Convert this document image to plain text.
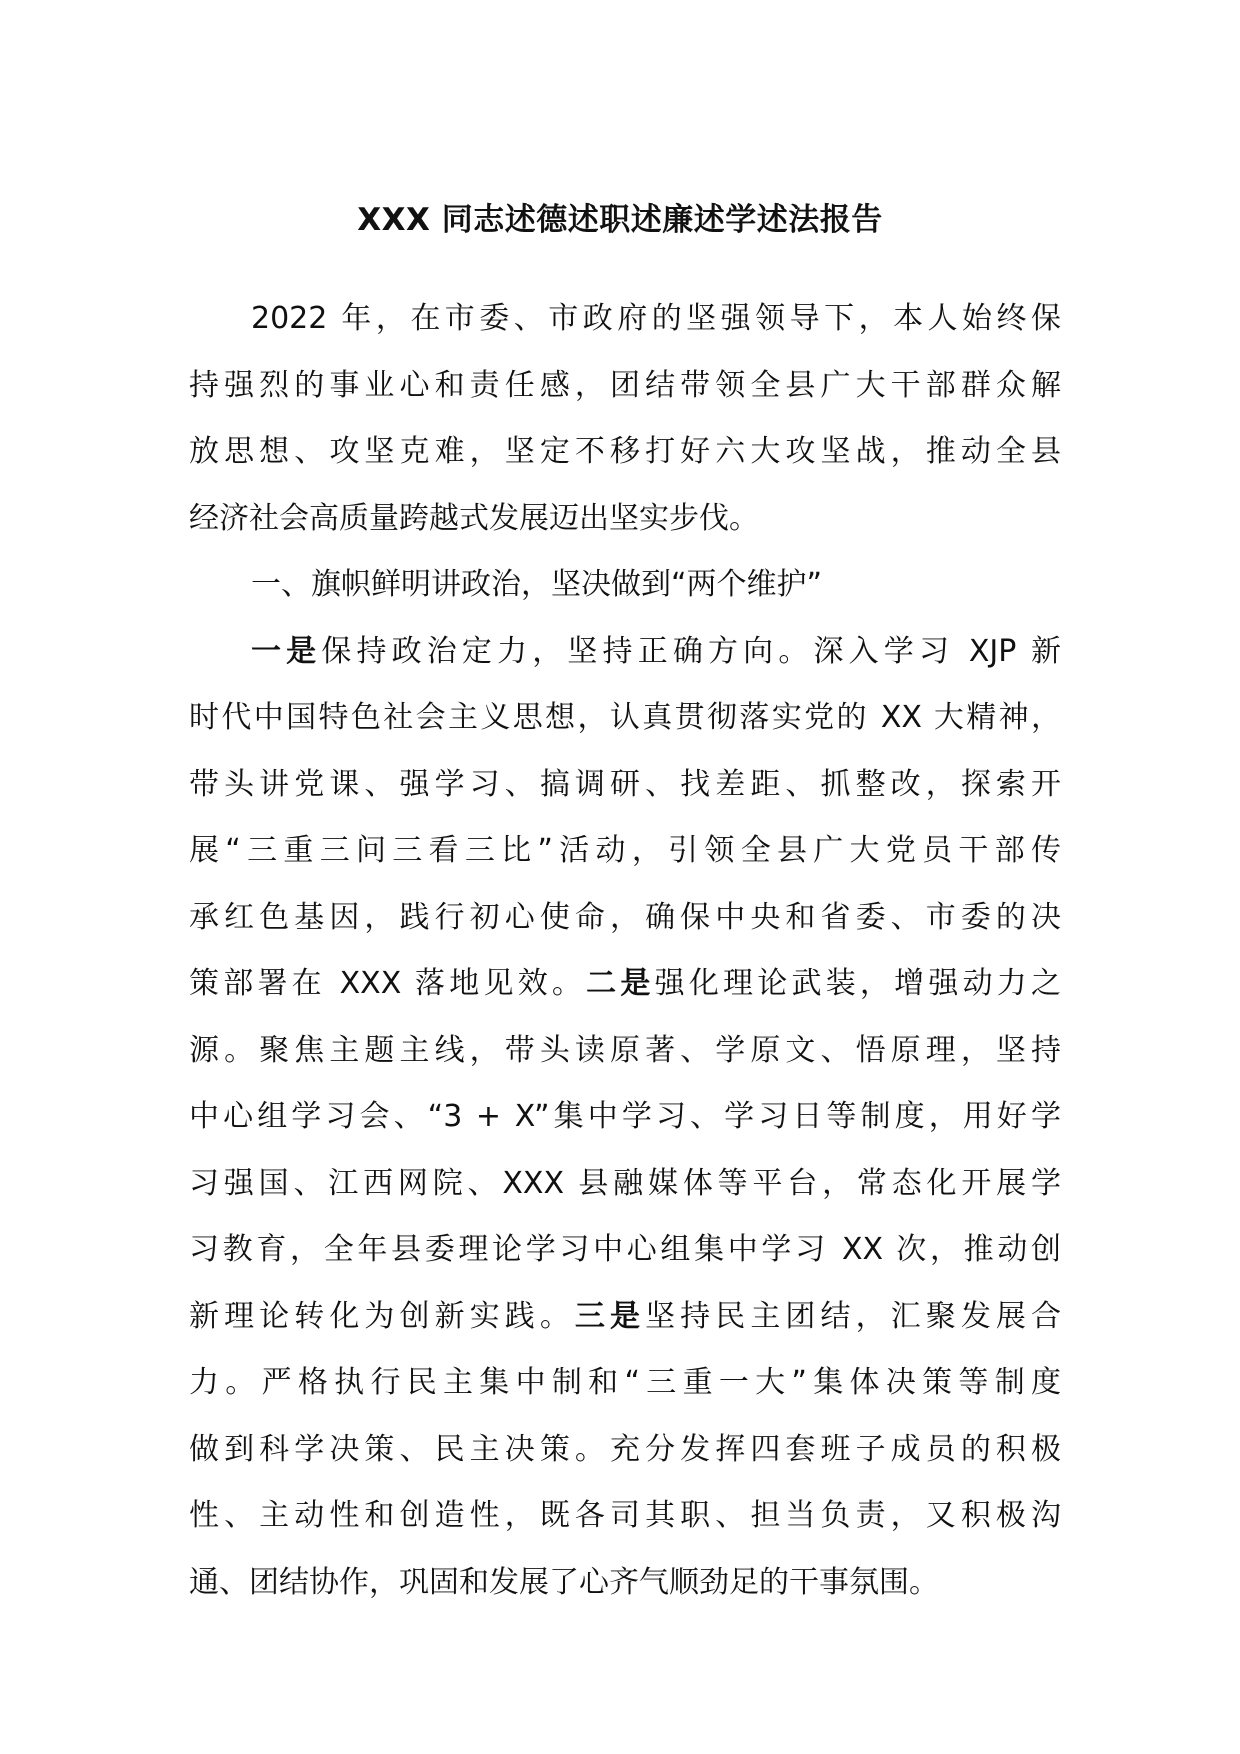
XXX 同志述德述职述廉述学述法报告
2022 年，在市委、市政府的坚强领导下，本人始终保
持强烈的事业心和责任感，团结带领全县广大干部群众解
放思想、攻坚克难，坚定不移打好六大攻坚战，推动全县
经济社会高质量跨越式发展迈出坚实步伐。
一、旗帜鲜明讲政治，坚决做到“两个维护”
一是保持政治定力，坚持正确方向。深入学习 XJP 新
时代中国特色社会主义思想，认真贯彻落实党的 XX 大精神，
带头讲党课、强学习、搞调研、找差距、抓整改，探索开
展“三重三问三看三比”活动，引领全县广大党员干部传
承红色基因，践行初心使命，确保中央和省委、市委的决
策部署在 XXX 落地见效。二是强化理论武装，增强动力之
源。聚焦主题主线，带头读原著、学原文、悟原理，坚持
中心组学习会、“3 + X”集中学习、学习日等制度，用好学
习强国、江西网院、XXX 县融媒体等平台，常态化开展学
习教育，全年县委理论学习中心组集中学习 XX 次，推动创
新理论转化为创新实践。三是坚持民主团结，汇聚发展合
力。严格执行民主集中制和“三重一大”集体决策等制度
做到科学决策、民主决策。充分发挥四套班子成员的积极
性、主动性和创造性，既各司其职、担当负责，又积极沟
通、团结协作，巩固和发展了心齐气顺劲足的干事氛围。
